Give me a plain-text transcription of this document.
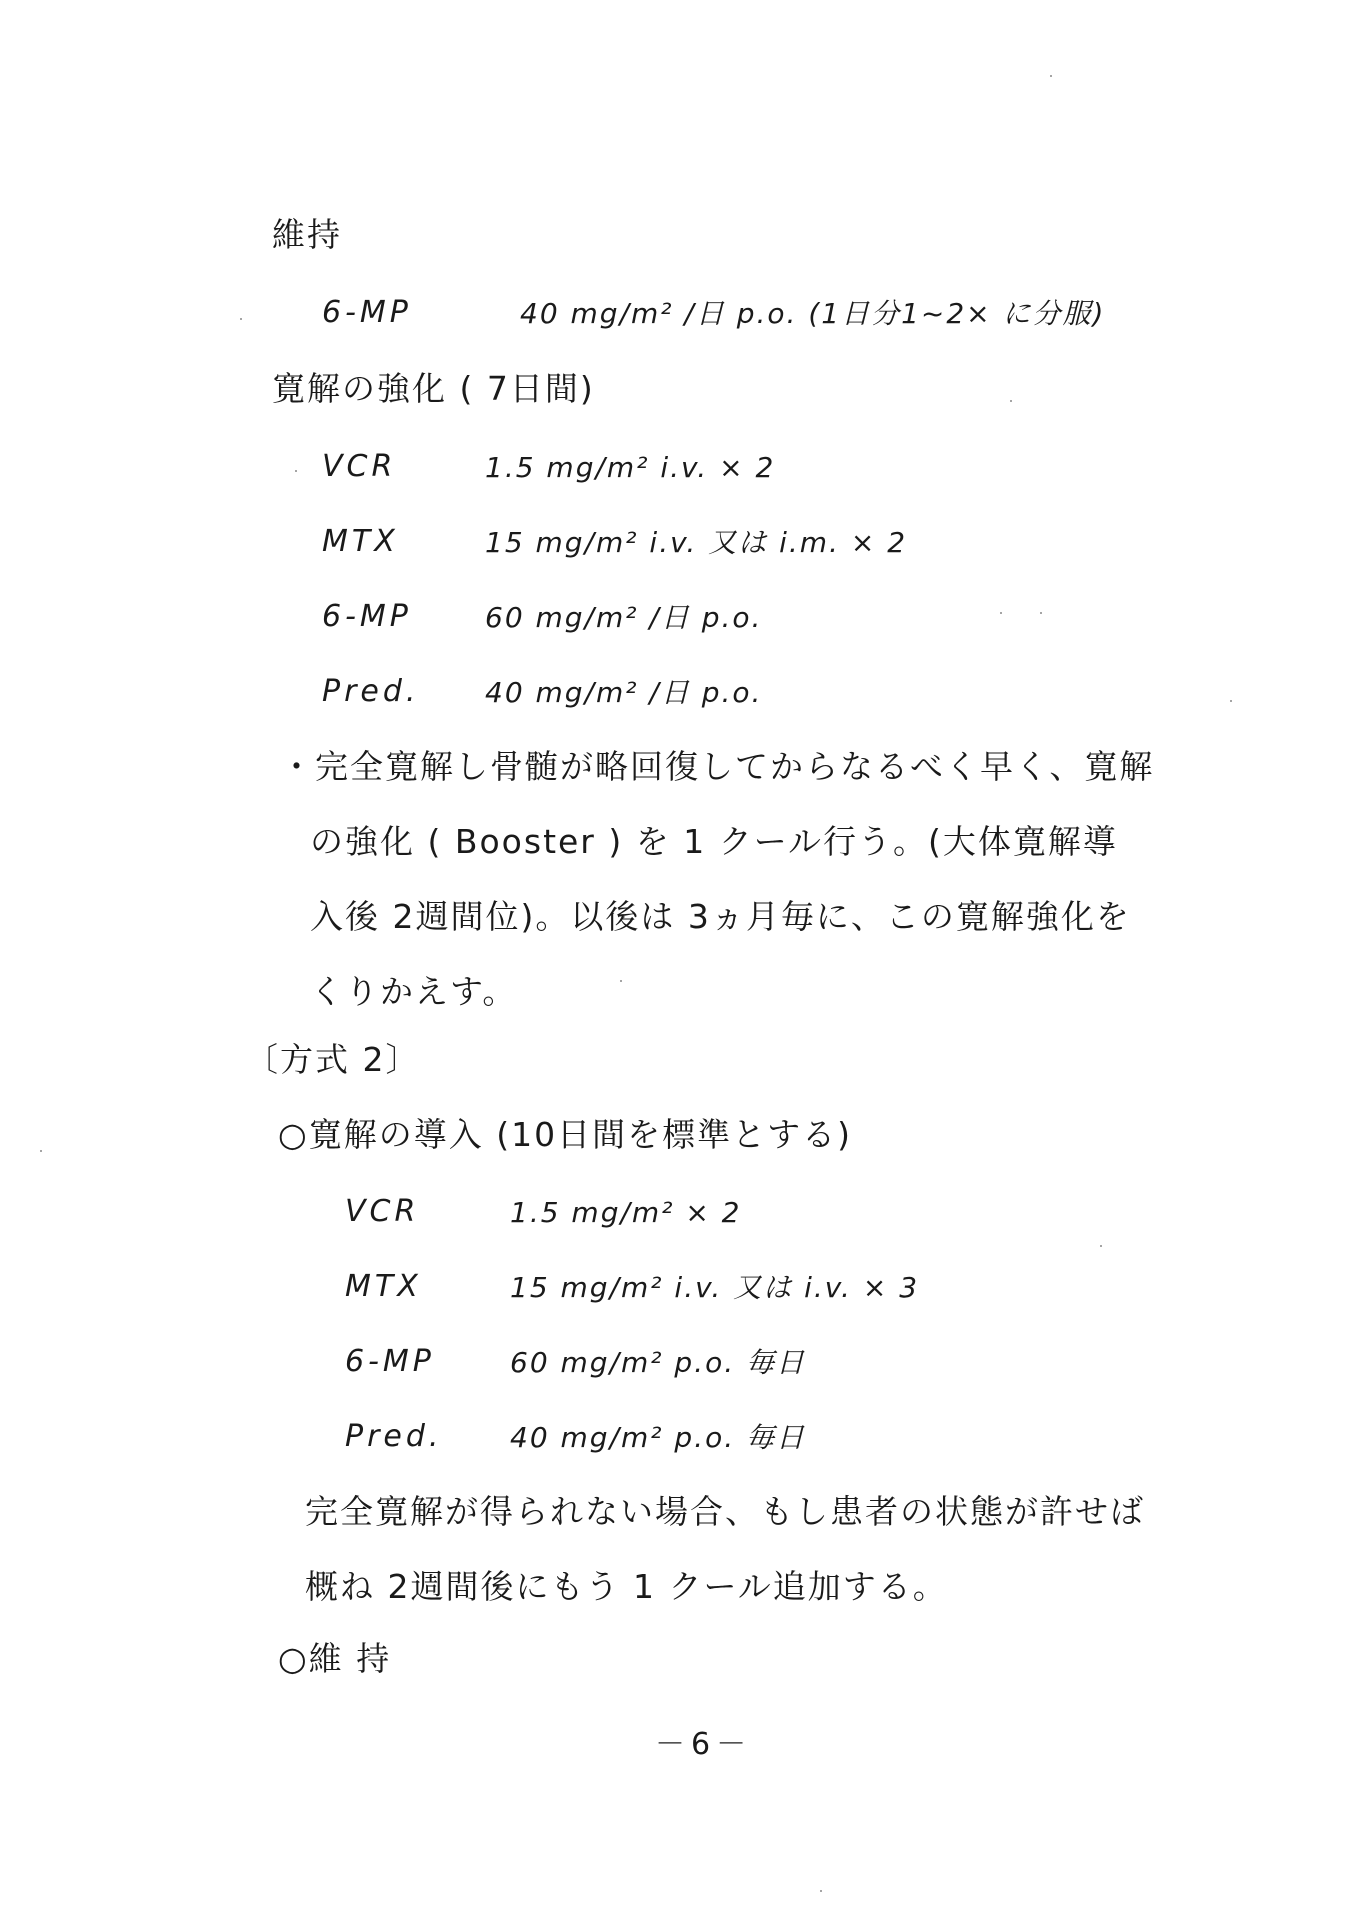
維持
6-MP	40 mg/m² /日 p.o. (1日分1~2× に分服)
寛解の強化 ( 7日間)
VCR	1.5 mg/m² i.v. × 2
MTX	15 mg/m² i.v. 又は i.m. × 2
6-MP	60 mg/m² /日 p.o.
Pred. 40 mg/m² /日 p.o.
・完全寛解し骨髄が略回復してからなるべく早く、寛解
の強化 ( Booster ) を 1 クール行う。(大体寛解導
入後 2週間位)。以後は 3ヵ月毎に、この寛解強化を
くりかえす。
〔方式 2〕
○寛解の導入 (10日間を標準とする)
VCR	1.5 mg/m² × 2
MTX	15 mg/m² i.v. 又は i.v. × 3
6-MP	60 mg/m² p.o. 毎日
Pred. 40 mg/m² p.o. 毎日
完全寛解が得られない場合、もし患者の状態が許せば
概ね 2週間後にもう 1 クール追加する。
○維 持
－6－
